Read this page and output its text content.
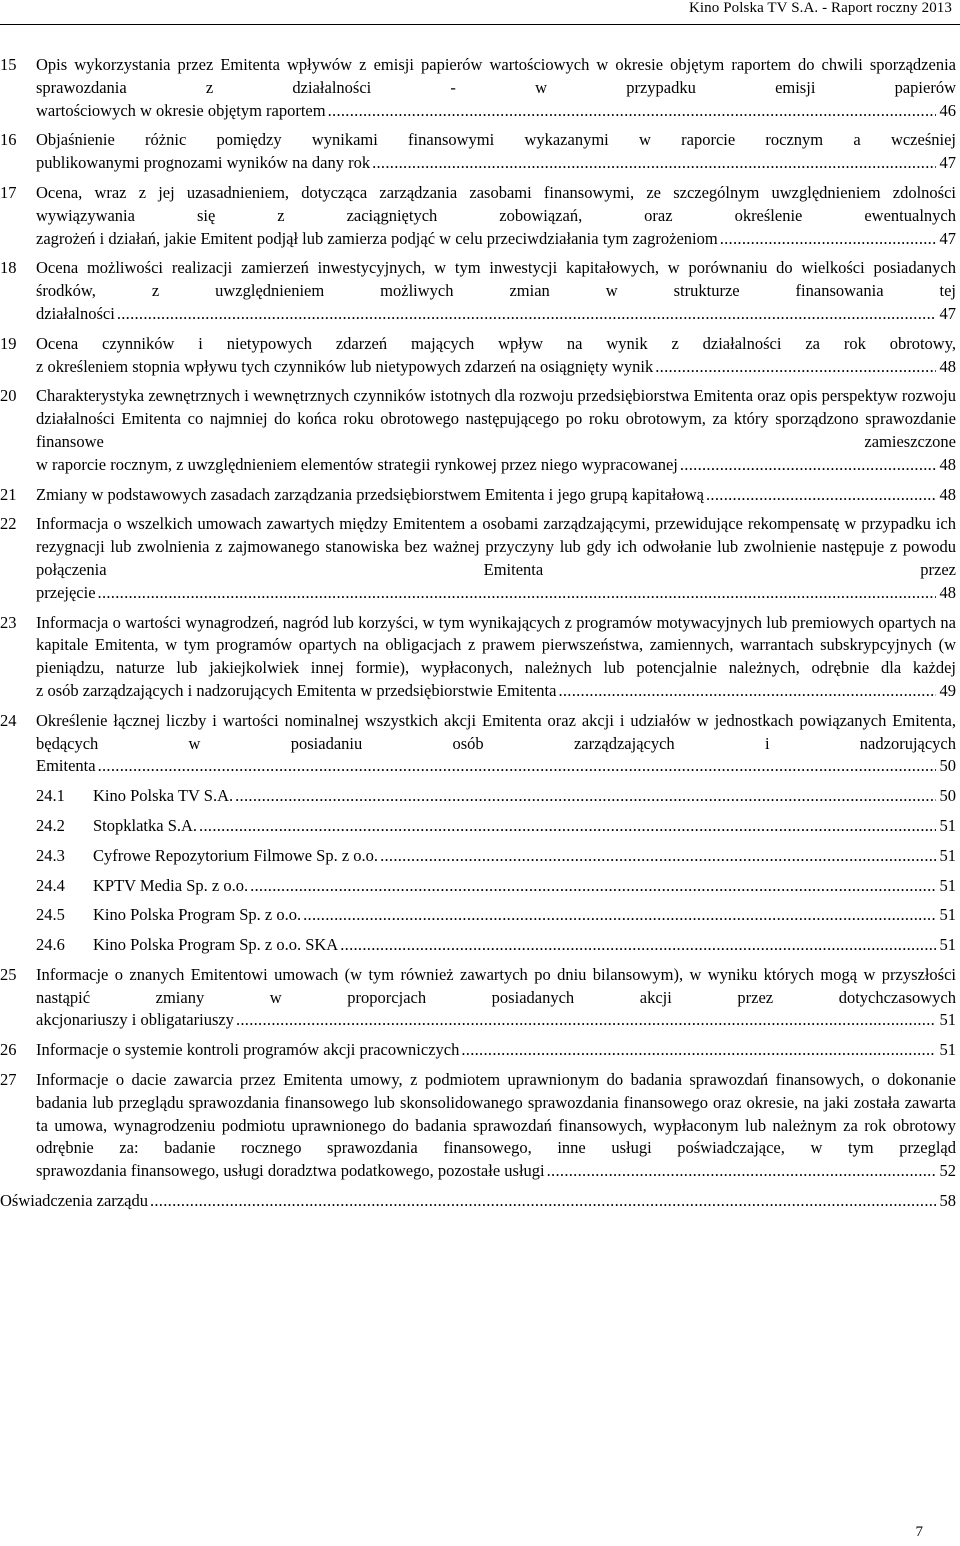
Kino Polska TV S.A. - Raport roczny 2013
15	Opis wykorzystania przez Emitenta wpływów z emisji papierów wartościowych w okresie objętym raportem do chwili sporządzenia sprawozdania z działalności - w przypadku emisji papierów
wartościowych w okresie objętym raportem .....	46
16	Objaśnienie różnic pomiędzy wynikami finansowymi wykazanymi w raporcie rocznym a wcześniej
publikowanymi prognozami wyników na dany rok .....	47
17	Ocena, wraz z jej uzasadnieniem, dotycząca zarządzania zasobami finansowymi, ze szczególnym uwzględnieniem zdolności wywiązywania się z zaciągniętych zobowiązań, oraz określenie ewentualnych
zagrożeń i działań, jakie Emitent podjął lub zamierza podjąć w celu przeciwdziałania tym zagrożeniom .....	47
18	Ocena możliwości realizacji zamierzeń inwestycyjnych, w tym inwestycji kapitałowych, w porównaniu do wielkości posiadanych środków, z uwzględnieniem możliwych zmian w strukturze finansowania tej
działalności .....	47
19	Ocena czynników i nietypowych zdarzeń mających wpływ na wynik z działalności za rok obrotowy,
z określeniem stopnia wpływu tych czynników lub nietypowych zdarzeń na osiągnięty wynik .....	48
20	Charakterystyka zewnętrznych i wewnętrznych czynników istotnych dla rozwoju przedsiębiorstwa Emitenta oraz opis perspektyw rozwoju działalności Emitenta co najmniej do końca roku obrotowego następującego po roku obrotowym, za który sporządzono sprawozdanie finansowe zamieszczone
w raporcie rocznym, z uwzględnieniem elementów strategii rynkowej przez niego wypracowanej .....	48
21	Zmiany w podstawowych zasadach zarządzania przedsiębiorstwem Emitenta i jego grupą kapitałową .....	48
22	Informacja o wszelkich umowach zawartych między Emitentem a osobami zarządzającymi, przewidujące rekompensatę w przypadku ich rezygnacji lub zwolnienia z zajmowanego stanowiska bez ważnej przyczyny lub gdy ich odwołanie lub zwolnienie następuje z powodu połączenia Emitenta przez
przejęcie .....	48
23	Informacja o wartości wynagrodzeń, nagród lub korzyści, w tym wynikających z programów motywacyjnych lub premiowych opartych na kapitale Emitenta, w tym programów opartych na obligacjach z prawem pierwszeństwa, zamiennych, warrantach subskrypcyjnych (w pieniądzu, naturze lub jakiejkolwiek innej formie), wypłaconych, należnych lub potencjalnie należnych, odrębnie dla każdej
z osób zarządzających i nadzorujących Emitenta w przedsiębiorstwie Emitenta .....	49
24	Określenie łącznej liczby i wartości nominalnej wszystkich akcji Emitenta oraz akcji i udziałów w jednostkach powiązanych Emitenta, będących w posiadaniu osób zarządzających i nadzorujących
Emitenta .....	50
24.1 Kino Polska TV S.A. .....	50
24.2 Stopklatka S.A. .....	51
24.3 Cyfrowe Repozytorium Filmowe Sp. z o.o. .....	51
24.4 KPTV Media Sp. z o.o. .....	51
24.5 Kino Polska Program Sp. z o.o. .....	51
24.6 Kino Polska Program Sp. z o.o. SKA .....	51
25	Informacje o znanych Emitentowi umowach (w tym również zawartych po dniu bilansowym), w wyniku których mogą w przyszłości nastąpić zmiany w proporcjach posiadanych akcji przez dotychczasowych
akcjonariuszy i obligatariuszy .....	51
26	Informacje o systemie kontroli programów akcji pracowniczych .....	51
27	Informacje o dacie zawarcia przez Emitenta umowy, z podmiotem uprawnionym do badania sprawozdań finansowych, o dokonanie badania lub przeglądu sprawozdania finansowego lub skonsolidowanego sprawozdania finansowego oraz okresie, na jaki została zawarta ta umowa, wynagrodzeniu podmiotu uprawnionego do badania sprawozdań finansowych, wypłaconym lub należnym za rok obrotowy odrębnie za: badanie rocznego sprawozdania finansowego, inne usługi poświadczające, w tym przegląd
sprawozdania finansowego, usługi doradztwa podatkowego, pozostałe usługi .....	52
Oświadczenia zarządu .....	58
7
